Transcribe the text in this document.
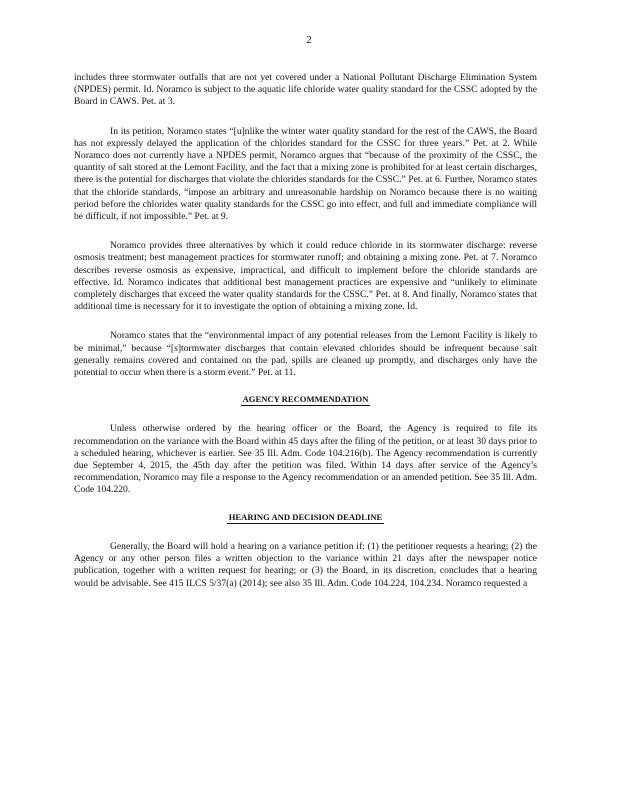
2

includes three stormwater outfalls that are not yet covered under a National Pollutant Discharge Elimination System (NPDES) permit. Id. Noramco is subject to the aquatic life chloride water quality standard for the CSSC adopted by the Board in CAWS. Pet. at 3.

In its petition, Noramco states “[u]nlike the winter water quality standard for the rest of the CAWS, the Board has not expressly delayed the application of the chlorides standard for the CSSC for three years.” Pet. at 2. While Noramco does not currently have a NPDES permit, Noramco argues that “because of the proximity of the CSSC, the quantity of salt stored at the Lemont Facility, and the fact that a mixing zone is prohibited for at least certain discharges, there is the potential for discharges that violate the chlorides standards for the CSSC.” Pet. at 6. Further, Noramco states that the chloride standards, “impose an arbitrary and unreasonable hardship on Noramco because there is no waiting period before the chlorides water quality standards for the CSSC go into effect, and full and immediate compliance will be difficult, if not impossible.” Pet. at 9.

Noramco provides three alternatives by which it could reduce chloride in its stormwater discharge: reverse osmosis treatment; best management practices for stormwater runoff; and obtaining a mixing zone. Pet. at 7. Noramco describes reverse osmosis as expensive, impractical, and difficult to implement before the chloride standards are effective. Id. Noramco indicates that additional best management practices are expensive and “unlikely to eliminate completely discharges that exceed the water quality standards for the CSSC.” Pet. at 8. And finally, Noramco states that additional time is necessary for it to investigate the option of obtaining a mixing zone. Id.

Noramco states that the “environmental impact of any potential releases from the Lemont Facility is likely to be minimal,” because “[s]tormwater discharges that contain elevated chlorides should be infrequent because salt generally remains covered and contained on the pad, spills are cleaned up promptly, and discharges only have the potential to occur when there is a storm event.” Pet. at 11.

AGENCY RECOMMENDATION

Unless otherwise ordered by the hearing officer or the Board, the Agency is required to file its recommendation on the variance with the Board within 45 days after the filing of the petition, or at least 30 days prior to a scheduled hearing, whichever is earlier. See 35 Ill. Adm. Code 104.216(b). The Agency recommendation is currently due September 4, 2015, the 45th day after the petition was filed. Within 14 days after service of the Agency’s recommendation, Noramco may file a response to the Agency recommendation or an amended petition. See 35 Ill. Adm. Code 104.220.

HEARING AND DECISION DEADLINE

Generally, the Board will hold a hearing on a variance petition if: (1) the petitioner requests a hearing; (2) the Agency or any other person files a written objection to the variance within 21 days after the newspaper notice publication, together with a written request for hearing; or (3) the Board, in its discretion, concludes that a hearing would be advisable. See 415 ILCS 5/37(a) (2014); see also 35 Ill. Adm. Code 104.224, 104.234. Noramco requested a
